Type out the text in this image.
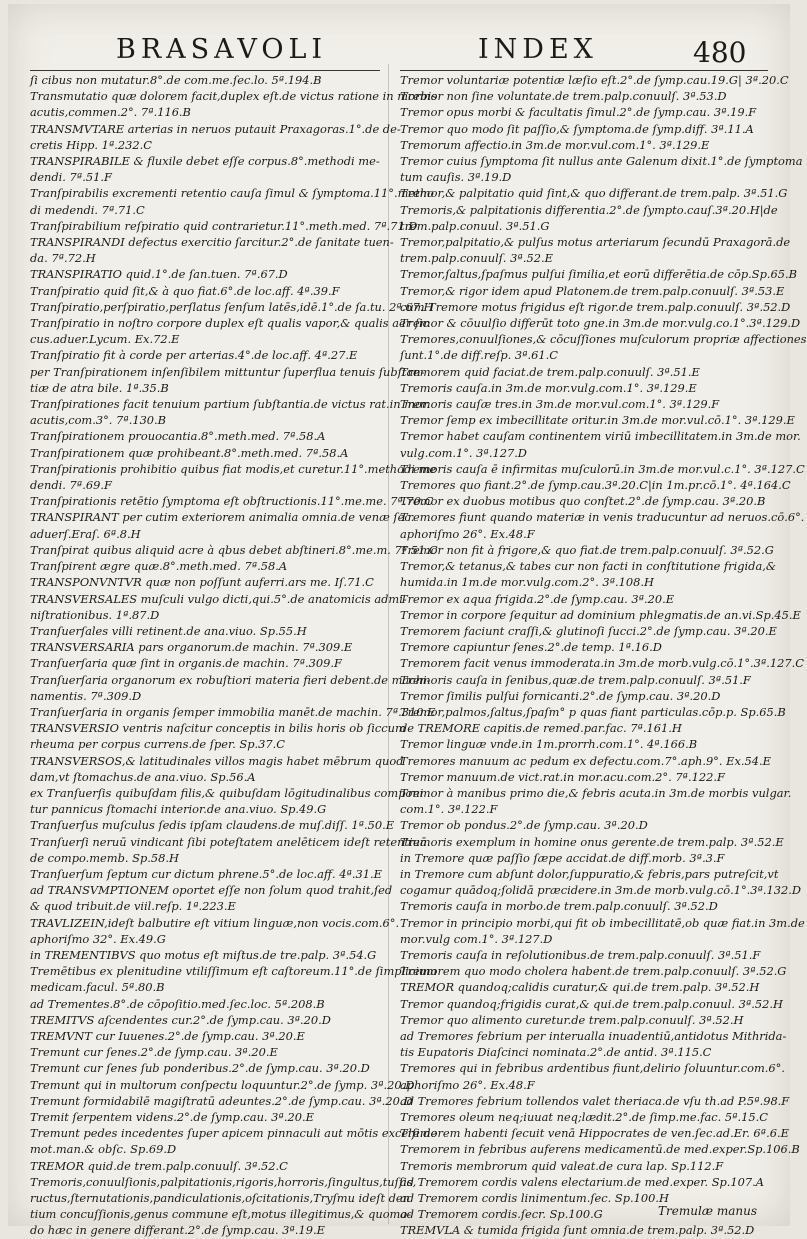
BRASAVOLI	INDEX	480
ſi cibus non mutatur.8°.de com.me.ſec.lo. 5ª.194.B
Transmutatio quæ dolorem facit,duplex eſt.de victus ratione in morbis
acutis,commen.2°. 7ª.116.B
TRANSMVTARE arterias in neruos putauit Praxagoras.1°.de de-
cretis Hipp. 1ª.232.C
TRANSPIRABILE & fluxile debet eſſe corpus.8°.methodi me-
dendi. 7ª.51.F
Tranſpirabilis excrementi retentio cauſa ſimul & ſymptoma.11°.metho
di medendi. 7ª.71.C
Tranſpirabilium reſpiratio quid contrarietur.11°.meth.med. 7ª.71.D
TRANSPIRANDI defectus exercitio ſarcitur.2°.de ſanitate tuen-
da. 7ª.72.H
TRANSPIRATIO quid.1°.de ſan.tuen. 7ª.67.D
Tranſpiratio quid ſit,& à quo fiat.6°.de loc.aff. 4ª.39.F
Tranſpiratio,perſpiratio,perſlatus ſenſum latēs,idē.1°.de ſa.tu. 2ª.67.H
Tranſpiratio in noſtro corpore duplex eſt qualis vapor,& qualis aer ſic
cus.aduer.Lycum. Ex.72.E
Tranſpiratio fit à corde per arterias.4°.de loc.aff. 4ª.27.E
per Tranſpirationem inſenſibilem mittuntur ſuperflua tenuis ſubſtan-
tiæ de atra bile. 1ª.35.B
Tranſpirationes facit tenuium partium ſubſtantia.de victus rat.in mor.
acutis,com.3°. 7ª.130.B
Tranſpirationem prouocantia.8°.meth.med. 7ª.58.A
Tranſpirationem quæ prohibeant.8°.meth.med. 7ª.58.A
Tranſpirationis prohibitio quibus fiat modis,et curetur.11°.methodi me
dendi. 7ª.69.F
Tranſpirationis retētio ſymptoma eſt obſtructionis.11°.me.me. 7ª.70.C
TRANSPIRANT per cutim exteriorem animalia omnia.de venæ ſec.
aduerſ.Eraſ. 6ª.8.H
Tranſpirat quibus aliquid acre à qbus debet abſtineri.8°.me.m. 7ª.51.C
Tranſpirent ægre quæ.8°.meth.med. 7ª.58.A
TRANSPONVNTVR quæ non poſſunt auferri.ars me. Iſ.71.C
TRANSVERSALES muſculi vulgo dicti,qui.5°.de anatomicis admi-
niſtrationibus. 1ª.87.D
Tranſuerſales villi retinent.de ana.viuo. Sp.55.H
TRANSVERSARIA pars organorum.de machin. 7ª.309.E
Tranſuerſaria quæ ſint in organis.de machin. 7ª.309.F
Tranſuerſaria organorum ex robuſtiori materia fieri debent.de machi-
namentis. 7ª.309.D
Tranſuerſaria in organis ſemper immobilia manēt.de machin. 7ª.310.E
TRANSVERSIO ventris naſcitur conceptis in bilis horis ob ſiccum
rheuma per corpus currens.de ſper. Sp.37.C
TRANSVERSOS,& latitudinales villos magis habet mēbrum quod
dam,vt ſtomachus.de ana.viuo. Sp.56.A
ex Tranſuerſis quibuſdam filis,& quibuſdam lōgitudinalibus componi
tur pannicus ſtomachi interior.de ana.viuo. Sp.49.G
Tranſuerſus muſculus ſedis ipſam claudens.de muſ.diſſ. 1ª.50.E
Tranſuerſi neruū vindicant ſibi poteſtatem anelēticem ideſt retentiuā
de compo.memb. Sp.58.H
Tranſuerſum ſeptum cur dictum phrene.5°.de loc.aff. 4ª.31.E
ad TRANSVMPTIONEM oportet eſſe non ſolum quod trahit,ſed
& quod tribuit.de viil.reſp. 1ª.223.E
TRAVLIZEIN,ideſt balbutire eſt vitium linguæ,non vocis.com.6°.
aphoriſmo 32°. Ex.49.G
in TREMENTIBVS quo motus eſt miſtus.de tre.palp. 3ª.54.G
Tremētibus ex plenitudine vtiliſſimum eſt caſtoreum.11°.de ſimplicium
medicam.facul. 5ª.80.B
ad Trementes.8°.de cōpoſitio.med.ſec.loc. 5ª.208.B
TREMITVS aſcendentes cur.2°.de ſymp.cau. 3ª.20.D
TREMVNT cur Iuuenes.2°.de ſymp.cau. 3ª.20.E
Tremunt cur ſenes.2°.de ſymp.cau. 3ª.20.E
Tremunt cur ſenes ſub ponderibus.2°.de ſymp.cau. 3ª.20.D
Tremunt qui in multorum conſpectu loquuntur.2°.de ſymp. 3ª.20.D
Tremunt formidabilē magiſtratū adeuntes.2°.de ſymp.cau. 3ª.20.D
Tremit ſerpentem videns.2°.de ſymp.cau. 3ª.20.E
Tremunt pedes incedentes ſuper apicem pinnaculi aut mōtis excelſi.de
mot.man.& obſc. Sp.69.D
TREMOR quid.de trem.palp.conuulſ. 3ª.52.C
Tremoris,conuulſionis,palpitationis,rigoris,horroris,ſingultus,tuſſis,
ructus,ſternutationis,pandiculationis,oſcitationis,Tryſmu ideſt den
tium concuſſionis,genus commune eſt,motus illegitimus,& quomo-
do hæc in genere differant.2°.de ſymp.cau. 3ª.19.E
Tremor voluntariæ potentiæ læſio eſt.2°.de ſymp.cau.19.G| 3ª.20.C
Tremor non ſine voluntate.de trem.palp.conuulſ. 3ª.53.D
Tremor opus morbi & facultatis ſimul.2°.de ſymp.cau. 3ª.19.F
Tremor quo modo ſit paſſio,& ſymptoma.de ſymp.diff. 3ª.11.A
Tremorum affectio.in 3m.de mor.vul.com.1°. 3ª.129.E
Tremor cuius ſymptoma ſit nullus ante Galenum dixit.1°.de ſymptoma
tum cauſis. 3ª.19.D
Tremor,& palpitatio quid ſint,& quo differant.de trem.palp. 3ª.51.G
Tremoris,& palpitationis differentia.2°.de ſympto.cauſ.3ª.20.H|de
trem.palp.conuul. 3ª.51.G
Tremor,palpitatio,& pulſus motus arteriarum ſecundū Praxagorā.de
trem.palp.conuulſ. 3ª.52.E
Tremor,ſaltus,ſpaſmus pulſui ſimilia,et eorū differētia.de cōp.Sp.65.B
Tremor,& rigor idem apud Platonem.de trem.palp.conuulſ. 3ª.53.E
cum Tremore motus frigidus eſt rigor.de trem.palp.conuulſ. 3ª.52.D
Tremor & cōuulſio differūt toto gne.in 3m.de mor.vulg.co.1°.3ª.129.D
Tremores,conuulſiones,& cōcuſſiones muſculorum propriæ affectiones
ſunt.1°.de diff.reſp. 3ª.61.C
Tremorem quid faciat.de trem.palp.conuulſ. 3ª.51.E
Tremoris cauſa.in 3m.de mor.vulg.com.1°. 3ª.129.E
Tremoris cauſæ tres.in 3m.de mor.vul.com.1°. 3ª.129.F
Tremor ſemp ex imbecillitate oritur.in 3m.de mor.vul.cō.1°. 3ª.129.E
Tremor habet cauſam continentem viriū imbecillitatem.in 3m.de mor.
vulg.com.1°. 3ª.127.D
Tremoris cauſa ē infirmitas muſculorū.in 3m.de mor.vul.c.1°. 3ª.127.C
Tremores quo fiant.2°.de ſymp.cau.3ª.20.C|in 1m.pr.cō.1°. 4ª.164.C
Tremor ex duobus motibus quo conſtet.2°.de ſymp.cau. 3ª.20.B
Tremores fiunt quando materiæ in venis traducuntur ad neruos.cō.6°.
aphoriſmo 26°. Ex.48.F
Tremor non fit à frigore,& quo fiat.de trem.palp.conuulſ. 3ª.52.G
Tremor,& tetanus,& tabes cur non facti in conſtitutione frigida,&
humida.in 1m.de mor.vulg.com.2°. 3ª.108.H
Tremor ex aqua frigida.2°.de ſymp.cau. 3ª.20.E
Tremor in corpore ſequitur ad dominium phlegmatis.de an.vi.Sp.45.E
Tremorem faciunt craſſi,& glutinoſi ſucci.2°.de ſymp.cau. 3ª.20.E
Tremore capiuntur ſenes.2°.de temp. 1ª.16.D
Tremorem facit venus immoderata.in 3m.de morb.vulg.cō.1°.3ª.127.C
Tremoris cauſa in ſenibus,quæ.de trem.palp.conuulſ. 3ª.51.F
Tremor ſimilis pulſui fornicanti.2°.de ſymp.cau. 3ª.20.D
Tremor,palmos,ſaltus,ſpaſm° p quas fiant particulas.cōp.p. Sp.65.B
de TREMORE capitis.de remed.par.fac. 7ª.161.H
Tremor linguæ vnde.in 1m.prorrh.com.1°. 4ª.166.B
Tremores manuum ac pedum ex defectu.com.7°.aph.9°. Ex.54.E
Tremor manuum.de vict.rat.in mor.acu.com.2°. 7ª.122.F
Tremor à manibus primo die,& febris acuta.in 3m.de morbis vulgar.
com.1°. 3ª.122.F
Tremor ob pondus.2°.de ſymp.cau. 3ª.20.D
Tremoris exemplum in homine onus gerente.de trem.palp. 3ª.52.E
in Tremore quæ paſſio ſæpe accidat.de diff.morb. 3ª.3.F
in Tremore cum abſunt dolor,ſuppuratio,& febris,pars putreſcit,vt
cogamur quādoq;ſolidā præcidere.in 3m.de morb.vulg.cō.1°.3ª.132.D
Tremoris cauſa in morbo.de trem.palp.conuulſ. 3ª.52.D
Tremor in principio morbi,qui fit ob imbecillitatē,ob quæ fiat.in 3m.de
mor.vulg com.1°. 3ª.127.D
Tremoris cauſa in reſolutionibus.de trem.palp.conuulſ. 3ª.51.F
Tremorem quo modo cholera habent.de trem.palp.conuulſ. 3ª.52.G
TREMOR quandoq;calidis curatur,& qui.de trem.palp. 3ª.52.H
Tremor quandoq;frigidis curat,& qui.de trem.palp.conuul. 3ª.52.H
Tremor quo alimento curetur.de trem.palp.conuulſ. 3ª.52.H
ad Tremores febrium per interualla inuadentiū,antidotus Mithrida-
tis Eupatoris Diaſcinci nominata.2°.de antid. 3ª.115.C
Tremores qui in febribus ardentibus fiunt,delirio ſoluuntur.com.6°.
aphoriſmo 26°. Ex.48.F
ad Tremores febrium tollendos valet theriaca.de vſu th.ad P.5ª.98.F
Tremores oleum neq;iuuat neq;lædit.2°.de ſimp.me.fac. 5ª.15.C
Tremorem habenti ſecuit venā Hippocrates de ven.ſec.ad.Er. 6ª.6.E
Tremorem in febribus auferens medicamentū.de med.exper.Sp.106.B
Tremoris membrorum quid valeat.de cura lap. Sp.112.F
ad Tremorem cordis valens electarium.de med.exper. Sp.107.A
ad Tremorem cordis linimentum.ſec. Sp.100.H
ad Tremorem cordis.ſecr. Sp.100.G
TREMVLA & tumida frigida ſunt omnia.de trem.palp. 3ª.52.D
Tremulæ manus
